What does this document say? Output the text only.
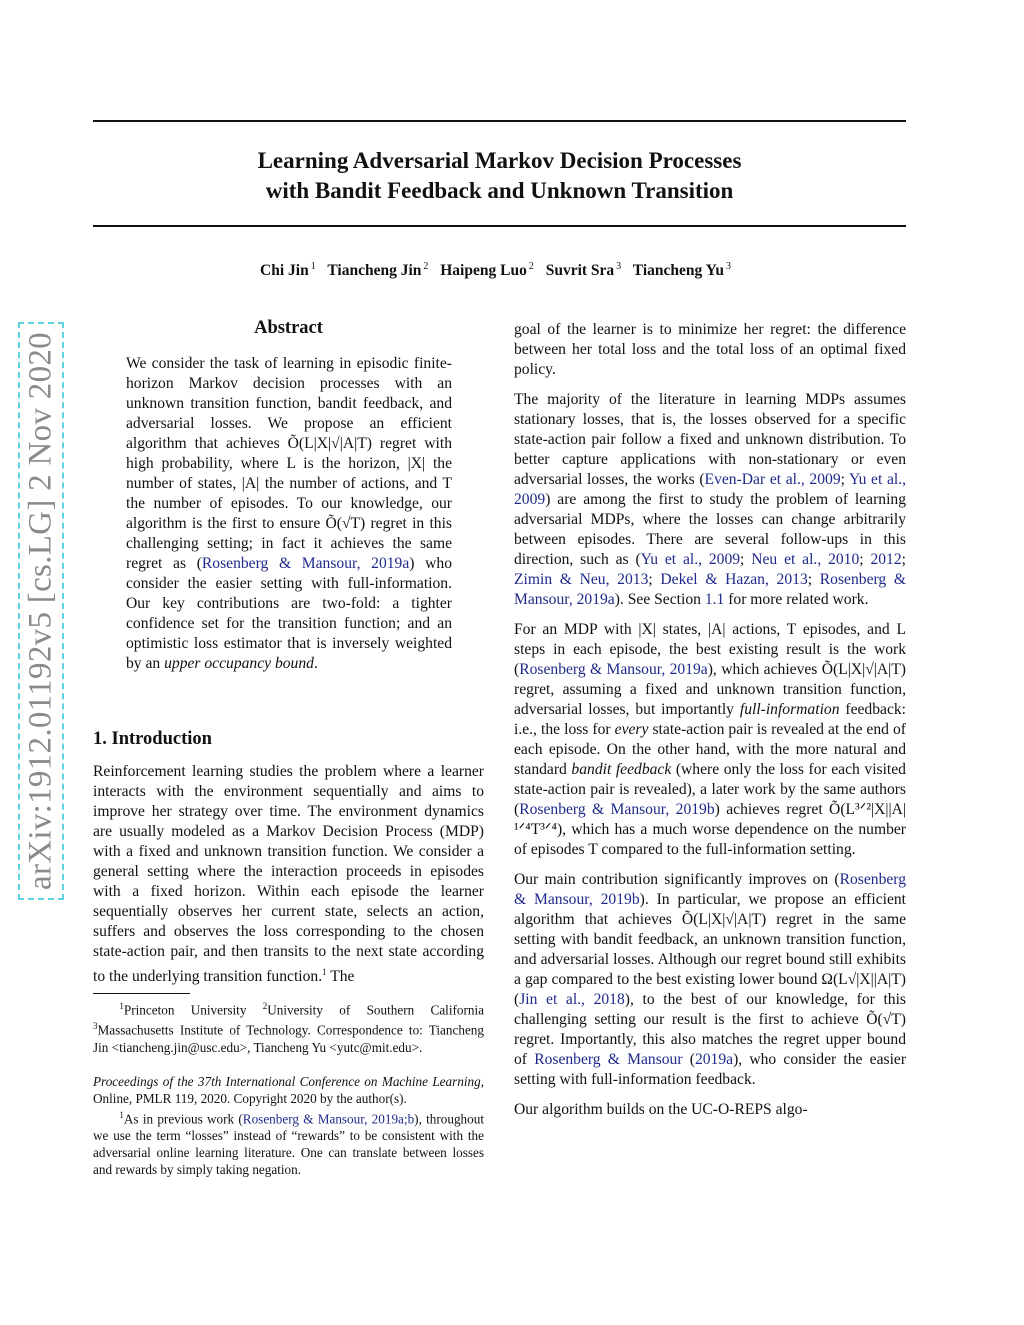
arXiv:1912.01192v5 [cs.LG] 2 Nov 2020
Learning Adversarial Markov Decision Processes
with Bandit Feedback and Unknown Transition
Chi Jin $^1$ Tiancheng Jin $^2$ Haipeng Luo $^2$ Suvrit Sra $^3$ Tiancheng Yu $^3$
Abstract

We consider the task of learning in episodic finite-horizon Markov decision processes with an unknown transition function, bandit feedback, and adversarial losses. We propose an efficient algorithm that achieves Õ(L|X|√|A|T) regret with high probability, where L is the horizon, |X| the number of states, |A| the number of actions, and T the number of episodes. To our knowledge, our algorithm is the first to ensure Õ(√T) regret in this challenging setting; in fact it achieves the same regret as (Rosenberg & Mansour, 2019a) who consider the easier setting with full-information. Our key contributions are two-fold: a tighter confidence set for the transition function; and an optimistic loss estimator that is inversely weighted by an upper occupancy bound.

1. Introduction

Reinforcement learning studies the problem where a learner interacts with the environment sequentially and aims to improve her strategy over time. The environment dynamics are usually modeled as a Markov Decision Process (MDP) with a fixed and unknown transition function. We consider a general setting where the interaction proceeds in episodes with a fixed horizon. Within each episode the learner sequentially observes her current state, selects an action, suffers and observes the loss corresponding to the chosen state-action pair, and then transits to the next state according to the underlying transition function.$^1$ The

$^1$Princeton University $^2$University of Southern California $^3$Massachusetts Institute of Technology. Correspondence to: Tiancheng Jin <tiancheng.jin@usc.edu>, Tiancheng Yu <yutc@mit.edu>.

Proceedings of the 37th International Conference on Machine Learning, Online, PMLR 119, 2020. Copyright 2020 by the author(s).

$^1$As in previous work (Rosenberg & Mansour, 2019a;b), throughout we use the term “losses” instead of “rewards” to be consistent with the adversarial online learning literature. One can translate between losses and rewards by simply taking negation.

goal of the learner is to minimize her regret: the difference between her total loss and the total loss of an optimal fixed policy.

The majority of the literature in learning MDPs assumes stationary losses, that is, the losses observed for a specific state-action pair follow a fixed and unknown distribution. To better capture applications with non-stationary or even adversarial losses, the works (Even-Dar et al., 2009; Yu et al., 2009) are among the first to study the problem of learning adversarial MDPs, where the losses can change arbitrarily between episodes. There are several follow-ups in this direction, such as (Yu et al., 2009; Neu et al., 2010; 2012; Zimin & Neu, 2013; Dekel & Hazan, 2013; Rosenberg & Mansour, 2019a). See Section 1.1 for more related work.

For an MDP with |X| states, |A| actions, T episodes, and L steps in each episode, the best existing result is the work (Rosenberg & Mansour, 2019a), which achieves Õ(L|X|√|A|T) regret, assuming a fixed and unknown transition function, adversarial losses, but importantly full-information feedback: i.e., the loss for every state-action pair is revealed at the end of each episode. On the other hand, with the more natural and standard bandit feedback (where only the loss for each visited state-action pair is revealed), a later work by the same authors (Rosenberg & Mansour, 2019b) achieves regret Õ(L³ᐟ²|X||A|¹ᐟ⁴T³ᐟ⁴), which has a much worse dependence on the number of episodes T compared to the full-information setting.

Our main contribution significantly improves on (Rosenberg & Mansour, 2019b). In particular, we propose an efficient algorithm that achieves Õ(L|X|√|A|T) regret in the same setting with bandit feedback, an unknown transition function, and adversarial losses. Although our regret bound still exhibits a gap compared to the best existing lower bound Ω(L√|X||A|T) (Jin et al., 2018), to the best of our knowledge, for this challenging setting our result is the first to achieve Õ(√T) regret. Importantly, this also matches the regret upper bound of Rosenberg & Mansour (2019a), who consider the easier setting with full-information feedback.

Our algorithm builds on the UC-O-REPS algo-
